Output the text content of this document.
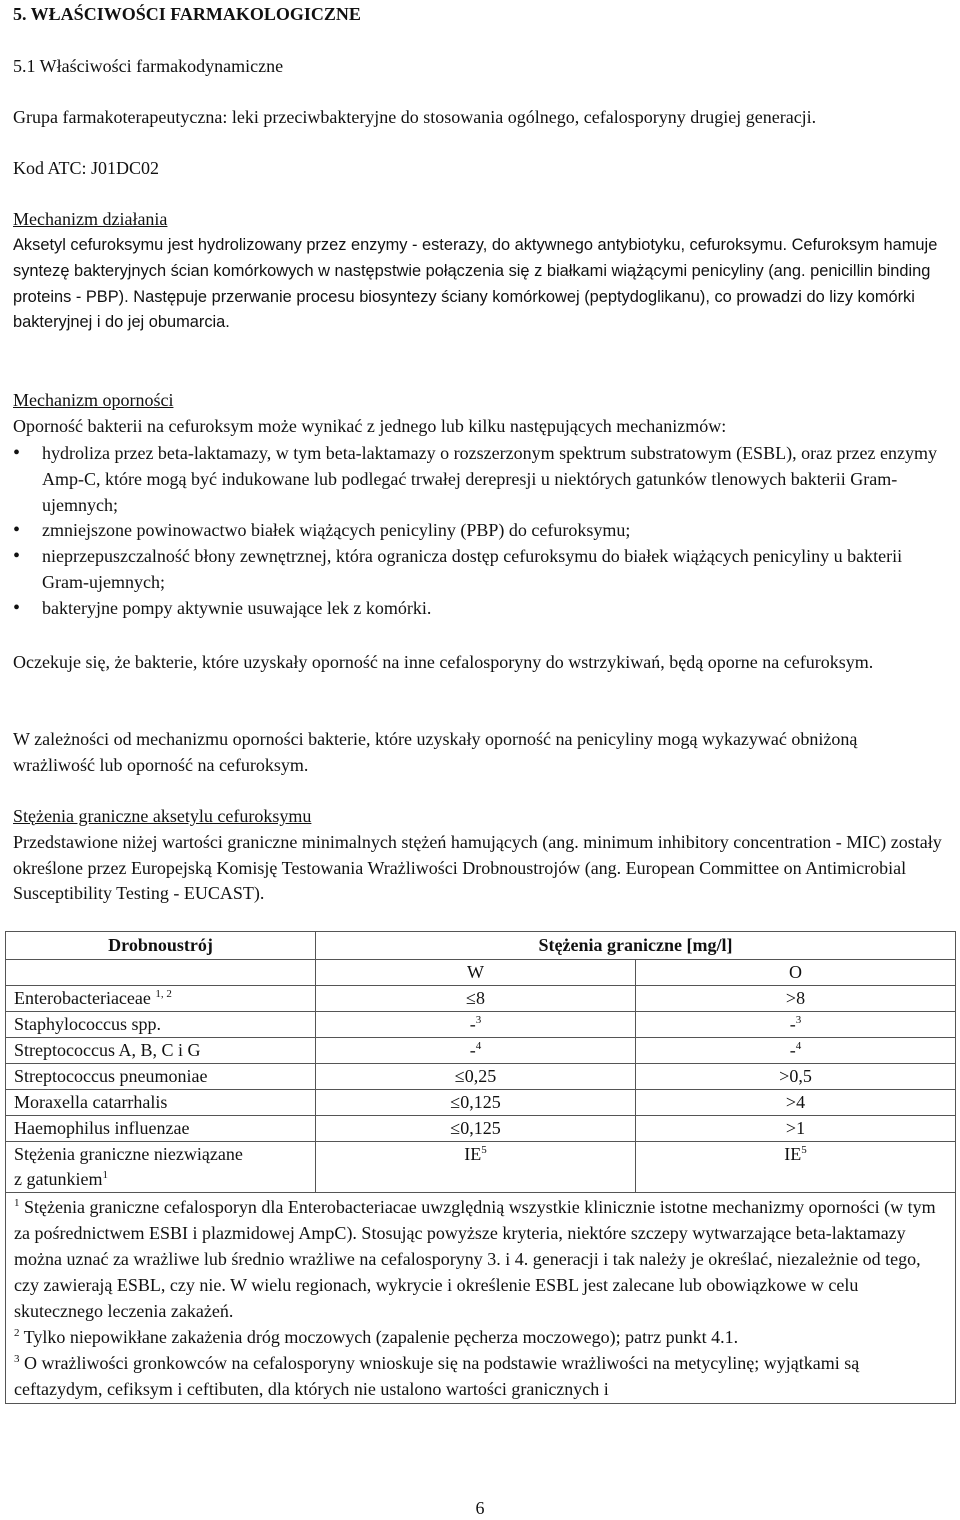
5. WŁAŚCIWOŚCI FARMAKOLOGICZNE

5.1 Właściwości farmakodynamiczne

Grupa farmakoterapeutyczna: leki przeciwbakteryjne do stosowania ogólnego, cefalosporyny drugiej generacji.

Kod ATC: J01DC02

Mechanizm działania

Aksetyl cefuroksymu jest hydrolizowany przez enzymy - esterazy, do aktywnego antybiotyku, cefuroksymu. Cefuroksym hamuje syntezę bakteryjnych ścian komórkowych w następstwie połączenia się z białkami wiążącymi penicyliny (ang. penicillin binding proteins - PBP). Następuje przerwanie procesu biosyntezy ściany komórkowej (peptydoglikanu), co prowadzi do lizy komórki bakteryjnej i do jej obumarcia.

Mechanizm oporności

Oporność bakterii na cefuroksym może wynikać z jednego lub kilku następujących mechanizmów:

• hydroliza przez beta-laktamazy, w tym beta-laktamazy o rozszerzonym spektrum substratowym (ESBL), oraz przez enzymy Amp-C, które mogą być indukowane lub podlegać trwałej derepresji u niektórych gatunków tlenowych bakterii Gram-ujemnych;
• zmniejszone powinowactwo białek wiążących penicyliny (PBP) do cefuroksymu;
• nieprzepuszczalność błony zewnętrznej, która ogranicza dostęp cefuroksymu do białek wiążących penicyliny u bakterii Gram-ujemnych;
• bakteryjne pompy aktywnie usuwające lek z komórki.

Oczekuje się, że bakterie, które uzyskały oporność na inne cefalosporyny do wstrzykiwań, będą oporne na cefuroksym.

W zależności od mechanizmu oporności bakterie, które uzyskały oporność na penicyliny mogą wykazywać obniżoną wrażliwość lub oporność na cefuroksym.

Stężenia graniczne aksetylu cefuroksymu

Przedstawione niżej wartości graniczne minimalnych stężeń hamujących (ang. minimum inhibitory concentration - MIC) zostały określone przez Europejską Komisję Testowania Wrażliwości Drobnoustrojów (ang. European Committee on Antimicrobial Susceptibility Testing - EUCAST).

Drobnoustrój	Stężenia graniczne [mg/l]	
	W	O
Enterobacteriaceae $^{1, 2}$	≤8	>8
Staphylococcus spp.	-$^3$	-$^3$
Streptococcus A, B, C i G	-$^4$	-$^4$
Streptococcus pneumoniae	≤0,25	>0,5
Moraxella catarrhalis	≤0,125	>4
Haemophilus influenzae	≤0,125	>1
Stężenia graniczne niezwiązane
z gatunkiem$^1$	$IE^5$	$IE^5$

$^1$ Stężenia graniczne cefalosporyn dla Enterobacteriacae uwzględnią wszystkie klinicznie istotne mechanizmy oporności (w tym za pośrednictwem ESBI i plazmidowej AmpC). Stosując powyższe kryteria, niektóre szczepy wytwarzające beta-laktamazy można uznać za wrażliwe lub średnio wrażliwe na cefalosporyny 3. i 4. generacji i tak należy je określać, niezależnie od tego, czy zawierają ESBL, czy nie. W wielu regionach, wykrycie i określenie ESBL jest zalecane lub obowiązkowe w celu skutecznego leczenia zakażeń.
$^2$ Tylko niepowikłane zakażenia dróg moczowych (zapalenie pęcherza moczowego); patrz punkt 4.1.
$^3$ O wrażliwości gronkowców na cefalosporyny wnioskuje się na podstawie wrażliwości na metycylinę; wyjątkami są ceftazydym, cefiksym i ceftibuten, dla których nie ustalono wartości granicznych i		
6
